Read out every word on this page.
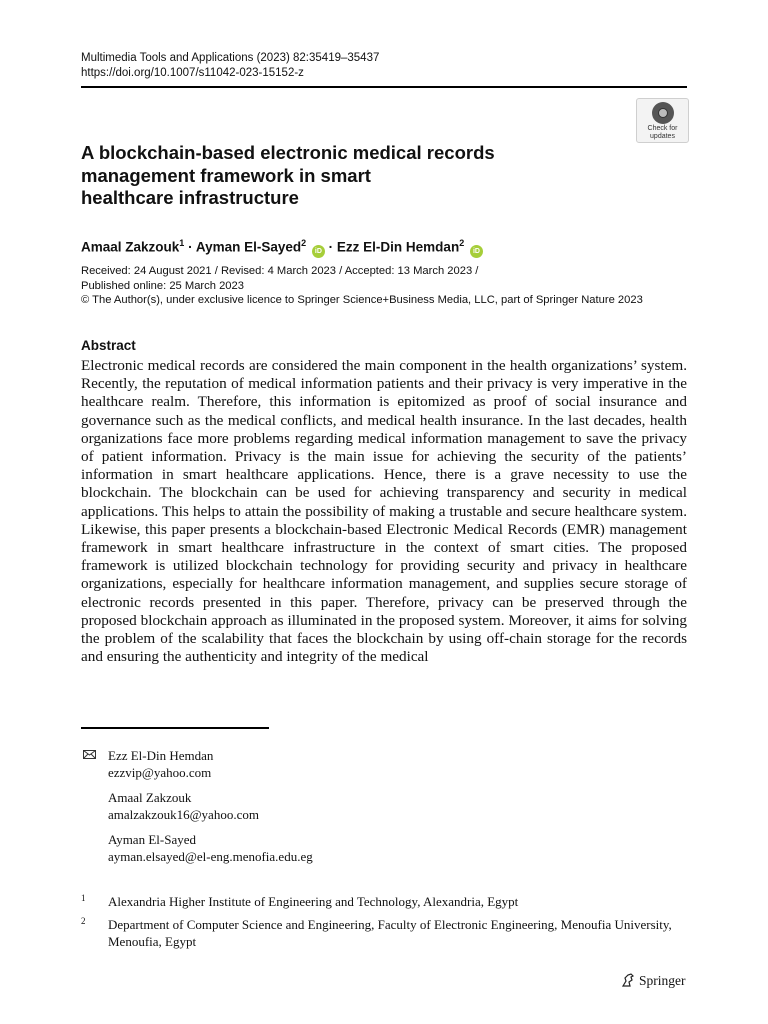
Multimedia Tools and Applications (2023) 82:35419–35437
https://doi.org/10.1007/s11042-023-15152-z
Check for
updates
A blockchain-based electronic medical records
management framework in smart
healthcare infrastructure
Amaal Zakzouk$^1$ · Ayman El-Sayed$^2$ iD · Ezz El-Din Hemdan$^2$ iD
Received: 24 August 2021 / Revised: 4 March 2023 / Accepted: 13 March 2023 /
Published online: 25 March 2023
© The Author(s), under exclusive licence to Springer Science+Business Media, LLC, part of Springer Nature 2023
Abstract
Electronic medical records are considered the main component in the health organizations’ system. Recently, the reputation of medical information patients and their privacy is very imperative in the healthcare realm. Therefore, this information is epitomized as proof of social insurance and governance such as the medical conflicts, and medical health insurance. In the last decades, health organizations face more problems regarding medical information management to save the privacy of patient information. Privacy is the main issue for achieving the security of the patients’ information in smart healthcare applications. Hence, there is a grave necessity to use the blockchain. The blockchain can be used for achieving transparency and security in medical applications. This helps to attain the possibility of making a trustable and secure healthcare system. Likewise, this paper presents a blockchain-based Electronic Medical Records (EMR) management framework in smart healthcare infrastructure in the context of smart cities. The proposed framework is utilized blockchain technology for providing security and privacy in healthcare organizations, especially for healthcare information management, and supplies secure storage of electronic records presented in this paper. Therefore, privacy can be preserved through the proposed blockchain approach as illuminated in the proposed system. Moreover, it aims for solving the problem of the scalability that faces the blockchain by using off-chain storage for the records and ensuring the authenticity and integrity of the medical
Ezz El-Din Hemdan
ezzvip@yahoo.com
Amaal Zakzouk
amalzakzouk16@yahoo.com
Ayman El-Sayed
ayman.elsayed@el-eng.menofia.edu.eg
1 Alexandria Higher Institute of Engineering and Technology, Alexandria, Egypt
2 Department of Computer Science and Engineering, Faculty of Electronic Engineering, Menoufia University, Menoufia, Egypt
Springer
